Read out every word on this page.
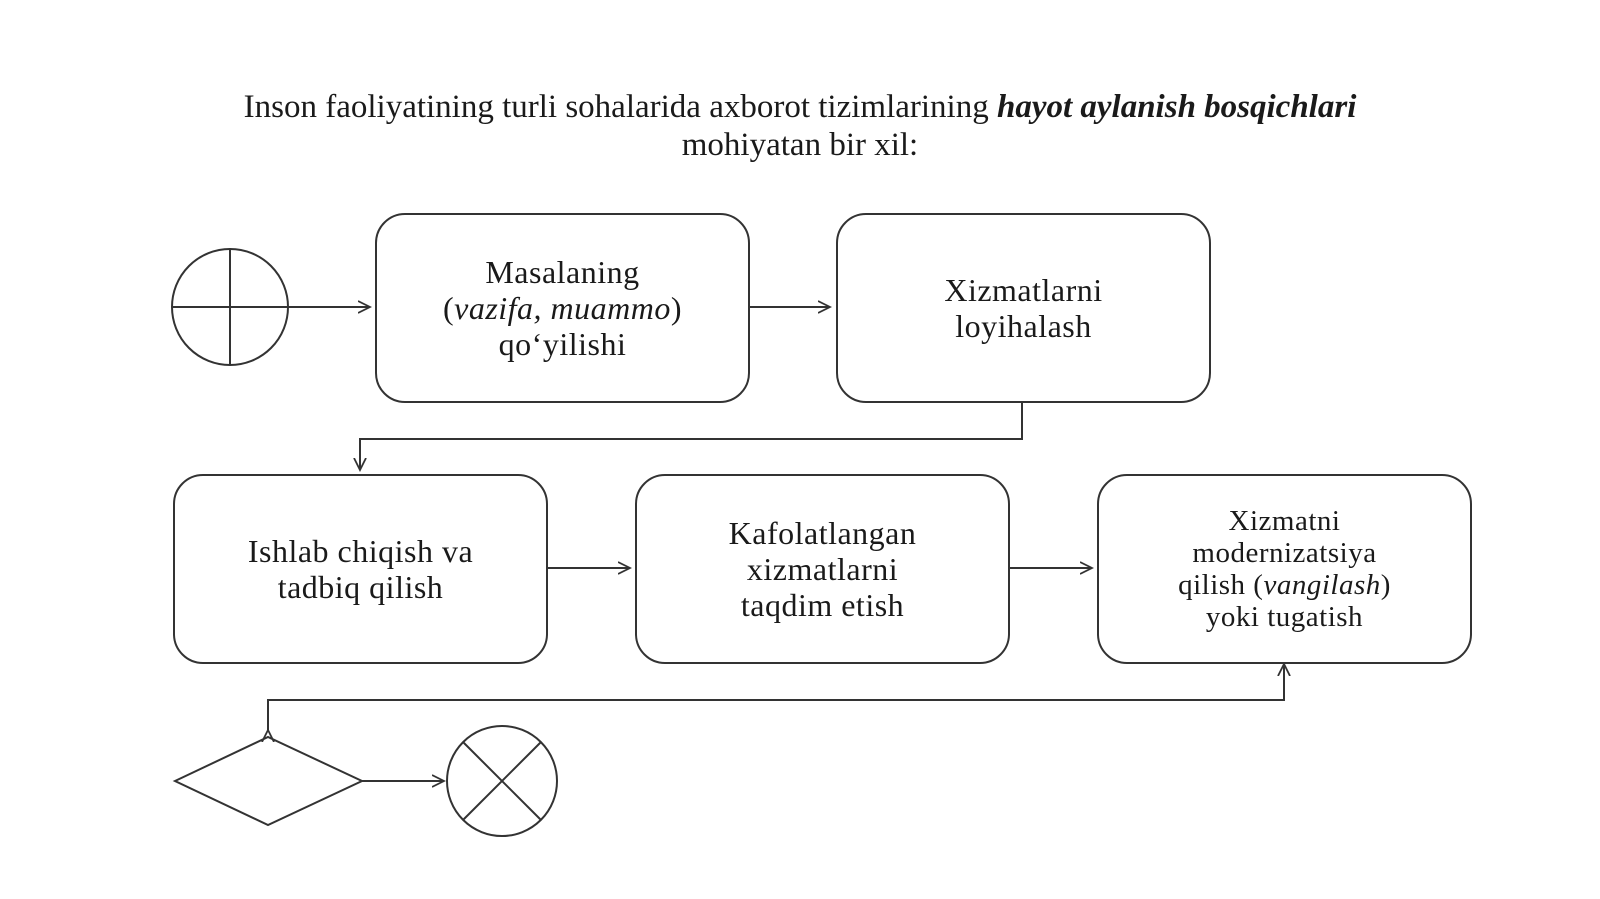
Inson faoliyatining turli sohalarida axborot tizimlarining hayot aylanish bosqichlari
mohiyatan bir xil:
Masalaning
(vazifa, muammo)
qo‘yilishi
Xizmatlarni
loyihalash
Ishlab chiqish va
tadbiq qilish
Kafolatlangan
xizmatlarni
taqdim etish
Xizmatni
modernizatsiya
qilish (vangilash)
yoki tugatish
